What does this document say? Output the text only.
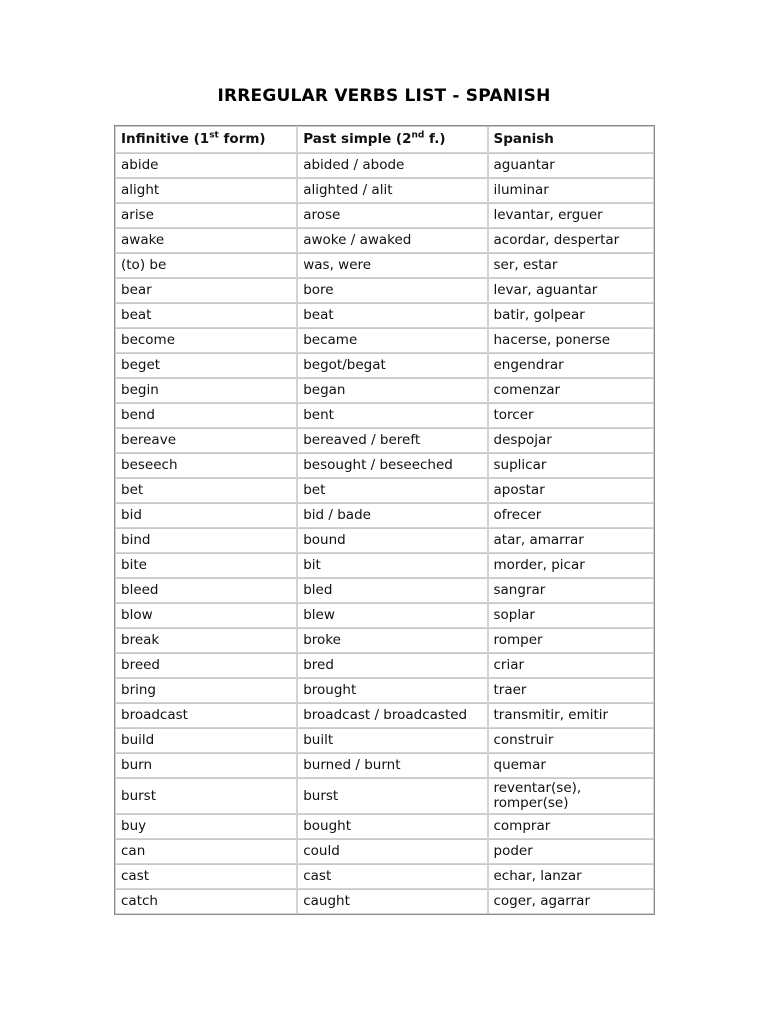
IRREGULAR VERBS LIST - SPANISH
Infinitive (1st form)	Past simple (2nd f.)	Spanish
abide	abided / abode	aguantar
alight	alighted / alit	iluminar
arise	arose	levantar, erguer
awake	awoke / awaked	acordar, despertar
(to) be	was, were	ser, estar
bear	bore	levar, aguantar
beat	beat	batir, golpear
become	became	hacerse, ponerse
beget	begot/begat	engendrar
begin	began	comenzar
bend	bent	torcer
bereave	bereaved / bereft	despojar
beseech	besought / beseeched	suplicar
bet	bet	apostar
bid	bid / bade	ofrecer
bind	bound	atar, amarrar
bite	bit	morder, picar
bleed	bled	sangrar
blow	blew	soplar
break	broke	romper
breed	bred	criar
bring	brought	traer
broadcast	broadcast / broadcasted	transmitir, emitir
build	built	construir
burn	burned / burnt	quemar
burst	burst	reventar(se), romper(se)
buy	bought	comprar
can	could	poder
cast	cast	echar, lanzar
catch	caught	coger, agarrar
